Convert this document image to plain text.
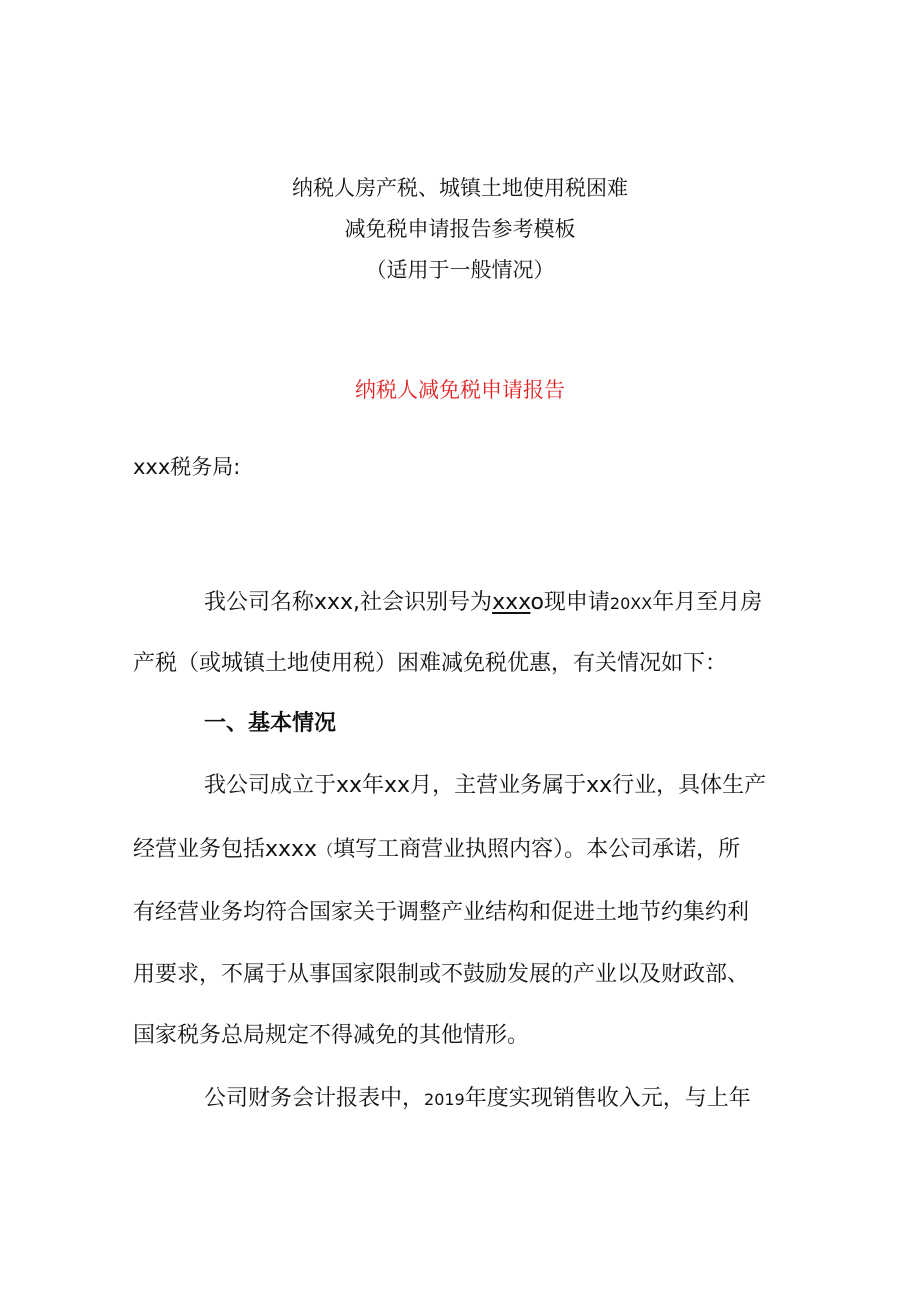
纳税人房产税、城镇土地使用税困难
减免税申请报告参考模板
（适用于一般情况）
纳税人减免税申请报告
xxx税务局:
我公司名称xxx,社会识别号为xxxo现申请20XX年月至月房
产税（或城镇土地使用税）困难减免税优惠，有关情况如下：
一、基本情况
我公司成立于xx年xx月，主营业务属于xx行业，具体生产
经营业务包括xxxx（填写工商营业执照内容）。本公司承诺，所
有经营业务均符合国家关于调整产业结构和促进土地节约集约利
用要求，不属于从事国家限制或不鼓励发展的产业以及财政部、
国家税务总局规定不得减免的其他情形。
公司财务会计报表中，2019年度实现销售收入元，与上年
